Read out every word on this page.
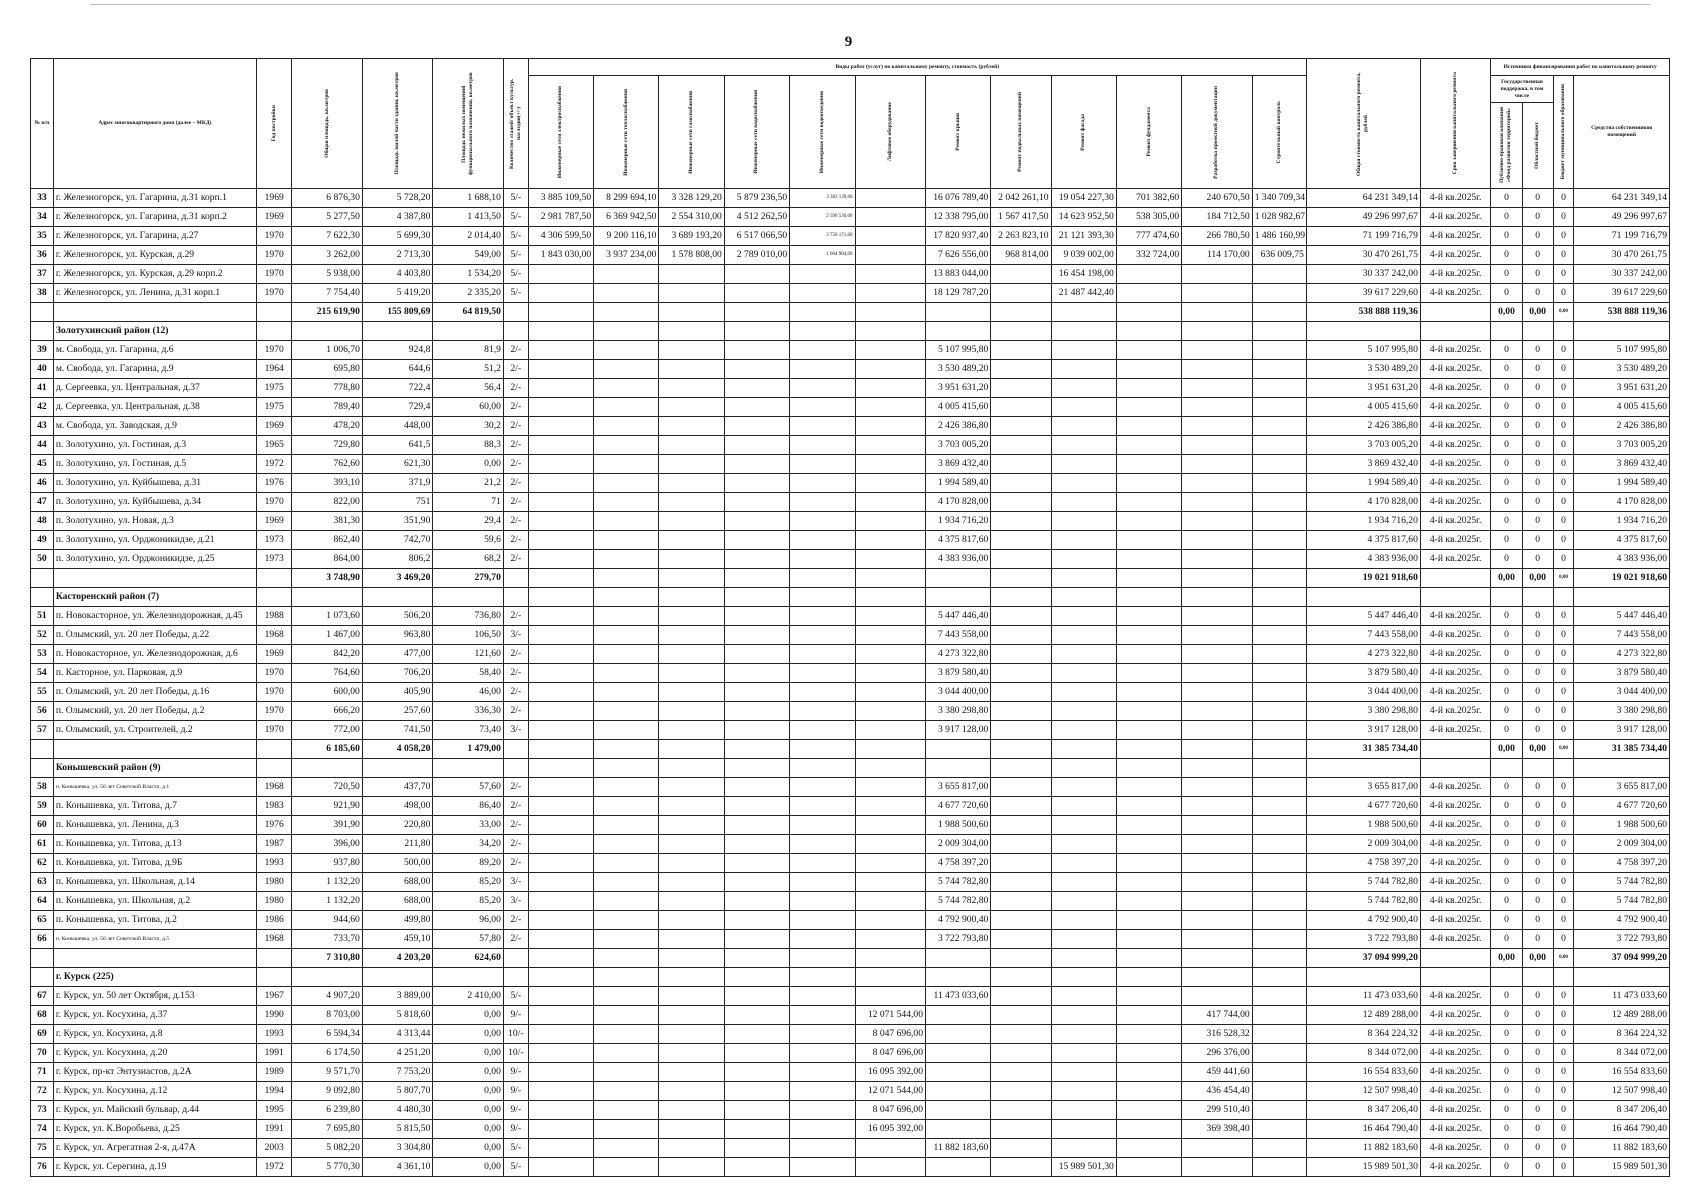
9
№ п/п	Адрес многоквартирного дома (далее – МКД)	Год постройки	Общая площадь, кв.метров	Площадь жилой части здания, кв.метров	Площадь нежилых помещений функционального назначения, кв.метров	Количество этажей/ объект культур. наследия(+/-)	Виды работ (услуг) по капитальному ремонту, стоимость (рублей)												Общая стоимость капитального ремонта, рублей	Срок завершения капитального ремонта	Источники финансирования работ по капитальному ремонту			

							Инженерные сети электроснабжения	Инженерные сети теплоснабжения	Инженерные сети газоснабжения	Инженерные сети водоснабжения	Инженерные сети водоотведения	Лифтовое оборудование	Ремонт крыши	Ремонт подвальных помещений	Ремонт фасада	Ремонт фундамента	Разработка проектной документации	Строительный контроль			Государственная поддержка, в том числе		Бюджет муниципального образования	Средства собственников помещений

																					Публично-правовая компания «Фонд развития территорий»	Областной бюджет		

33	г. Железногорск, ул. Гагарина, д.31 корп.1	1969	6 876,30	5 728,20	1 688,10	5/-	3 885 109,50	8 299 694,10	3 328 129,20	5 879 236,50	3 383 139,60		16 076 789,40	2 042 261,10	19 054 227,30	701 382,60	240 670,50	1 340 709,34	64 231 349,14	4-й кв.2025г.	0	0	0	64 231 349,14
34	г. Железногорск, ул. Гагарина, д.31 корп.2	1969	5 277,50	4 387,80	1 413,50	5/-	2 981 787,50	6 369 942,50	2 554 310,00	4 512 262,50	2 596 530,00		12 338 795,00	1 567 417,50	14 623 952,50	538 305,00	184 712,50	1 028 982,67	49 296 997,67	4-й кв.2025г.	0	0	0	49 296 997,67
35	г. Железногорск, ул. Гагарина, д.27	1970	7 622,30	5 699,30	2 014,40	5/-	4 306 599,50	9 200 116,10	3 689 193,20	6 517 066,50	3 750 171,60		17 820 937,40	2 263 823,10	21 121 393,30	777 474,60	266 780,50	1 486 160,99	71 199 716,79	4-й кв.2025г.	0	0	0	71 199 716,79
36	г. Железногорск, ул. Курская, д.29	1970	3 262,00	2 713,30	549,00	5/-	1 843 030,00	3 937 234,00	1 578 808,00	2 789 010,00	1 604 904,00		7 626 556,00	968 814,00	9 039 002,00	332 724,00	114 170,00	636 009,75	30 470 261,75	4-й кв.2025г.	0	0	0	30 470 261,75
37	г. Железногорск, ул. Курская, д.29 корп.2	1970	5 938,00	4 403,80	1 534,20	5/-							13 883 044,00		16 454 198,00				30 337 242,00	4-й кв.2025г.	0	0	0	30 337 242,00
38	г. Железногорск, ул. Ленина, д.31 корп.1	1970	7 754,40	5 419,20	2 335,20	5/-							18 129 787,20		21 487 442,40				39 617 229,60	4-й кв.2025г.	0	0	0	39 617 229,60
			215 619,90	155 809,69	64 819,50														538 888 119,36		0,00	0,00	0,00	538 888 119,36
	Золотухинский район (12)																							
39	м. Свобода, ул. Гагарина, д.6	1970	1 006,70	924,8	81,9	2/-							5 107 995,80						5 107 995,80	4-й кв.2025г.	0	0	0	5 107 995,80
40	м. Свобода, ул. Гагарина, д.9	1964	695,80	644,6	51,2	2/-							3 530 489,20						3 530 489,20	4-й кв.2025г.	0	0	0	3 530 489,20
41	д. Сергеевка, ул. Центральная, д.37	1975	778,80	722,4	56,4	2/-							3 951 631,20						3 951 631,20	4-й кв.2025г.	0	0	0	3 951 631,20
42	д. Сергеевка, ул. Центральная, д.38	1975	789,40	729,4	60,00	2/-							4 005 415,60						4 005 415,60	4-й кв.2025г.	0	0	0	4 005 415,60
43	м. Свобода, ул. Заводская, д.9	1969	478,20	448,00	30,2	2/-							2 426 386,80						2 426 386,80	4-й кв.2025г.	0	0	0	2 426 386,80
44	п. Золотухино, ул. Гостиная, д.3	1965	729,80	641,5	88,3	2/-							3 703 005,20						3 703 005,20	4-й кв.2025г.	0	0	0	3 703 005,20
45	п. Золотухино, ул. Гостиная, д.5	1972	762,60	621,30	0,00	2/-							3 869 432,40						3 869 432,40	4-й кв.2025г.	0	0	0	3 869 432,40
46	п. Золотухино, ул. Куйбышева, д.31	1976	393,10	371,9	21,2	2/-							1 994 589,40						1 994 589,40	4-й кв.2025г.	0	0	0	1 994 589,40
47	п. Золотухино, ул. Куйбышева, д.34	1970	822,00	751	71	2/-							4 170 828,00						4 170 828,00	4-й кв.2025г.	0	0	0	4 170 828,00
48	п. Золотухино, ул. Новая, д.3	1969	381,30	351,90	29,4	2/-							1 934 716,20						1 934 716,20	4-й кв.2025г.	0	0	0	1 934 716,20
49	п. Золотухино, ул. Орджоникидзе, д.21	1973	862,40	742,70	59,6	2/-							4 375 817,60						4 375 817,60	4-й кв.2025г.	0	0	0	4 375 817,60
50	п. Золотухино, ул. Орджоникидзе, д.25	1973	864,00	806,2	68,2	2/-							4 383 936,00						4 383 936,00	4-й кв.2025г.	0	0	0	4 383 936,00
			3 748,90	3 469,20	279,70														19 021 918,60		0,00	0,00	0,00	19 021 918,60
	Касторенский район (7)																							
51	п. Новокасторное, ул. Железнодорожная, д.45	1988	1 073,60	506,20	736,80	2/-							5 447 446,40						5 447 446,40	4-й кв.2025г.	0	0	0	5 447 446,40
52	п. Олымский, ул. 20 лет Победы, д.22	1968	1 467,00	963,80	106,50	3/-							7 443 558,00						7 443 558,00	4-й кв.2025г.	0	0	0	7 443 558,00
53	п. Новокасторное, ул. Железнодорожная, д.6	1969	842,20	477,00	121,60	2/-							4 273 322,80						4 273 322,80	4-й кв.2025г.	0	0	0	4 273 322,80
54	п. Касторное, ул. Парковая, д.9	1970	764,60	706,20	58,40	2/-							3 879 580,40						3 879 580,40	4-й кв.2025г.	0	0	0	3 879 580,40
55	п. Олымский, ул. 20 лет Победы, д.16	1970	600,00	405,90	46,00	2/-							3 044 400,00						3 044 400,00	4-й кв.2025г.	0	0	0	3 044 400,00
56	п. Олымский, ул. 20 лет Победы, д.2	1970	666,20	257,60	336,30	2/-							3 380 298,80						3 380 298,80	4-й кв.2025г.	0	0	0	3 380 298,80
57	п. Олымский, ул. Строителей, д.2	1970	772,00	741,50	73,40	3/-							3 917 128,00						3 917 128,00	4-й кв.2025г.	0	0	0	3 917 128,00
			6 185,60	4 058,20	1 479,00														31 385 734,40		0,00	0,00	0,00	31 385 734,40
	Конышевский район (9)																							
58	п. Конышевка, ул. 50 лет Советской Власти, д.1	1968	720,50	437,70	57,60	2/-							3 655 817,00						3 655 817,00	4-й кв.2025г.	0	0	0	3 655 817,00
59	п. Конышевка, ул. Титова, д.7	1983	921,90	498,00	86,40	2/-							4 677 720,60						4 677 720,60	4-й кв.2025г.	0	0	0	4 677 720,60
60	п. Конышевка, ул. Ленина, д.3	1976	391,90	220,80	33,00	2/-							1 988 500,60						1 988 500,60	4-й кв.2025г.	0	0	0	1 988 500,60
61	п. Конышевка, ул. Титова, д.13	1987	396,00	211,80	34,20	2/-							2 009 304,00						2 009 304,00	4-й кв.2025г.	0	0	0	2 009 304,00
62	п. Конышевка, ул. Титова, д.9Б	1993	937,80	500,00	89,20	2/-							4 758 397,20						4 758 397,20	4-й кв.2025г.	0	0	0	4 758 397,20
63	п. Конышевка, ул. Школьная, д.14	1980	1 132,20	688,00	85,20	3/-							5 744 782,80						5 744 782,80	4-й кв.2025г.	0	0	0	5 744 782,80
64	п. Конышевка, ул. Школьная, д.2	1980	1 132,20	688,00	85,20	3/-							5 744 782,80						5 744 782,80	4-й кв.2025г.	0	0	0	5 744 782,80
65	п. Конышевка, ул. Титова, д.2	1986	944,60	499,80	96,00	2/-							4 792 900,40						4 792 900,40	4-й кв.2025г.	0	0	0	4 792 900,40
66	п. Конышевка, ул. 50 лет Советской Власти, д.5	1968	733,70	459,10	57,80	2/-							3 722 793,80						3 722 793,80	4-й кв.2025г.	0	0	0	3 722 793,80
			7 310,80	4 203,20	624,60														37 094 999,20		0,00	0,00	0,00	37 094 999,20
	г. Курск (225)																							
67	г. Курск, ул. 50 лет Октября, д.153	1967	4 907,20	3 889,00	2 410,00	5/-							11 473 033,60						11 473 033,60	4-й кв.2025г.	0	0	0	11 473 033,60
68	г. Курск, ул. Косухина, д.37	1990	8 703,00	5 818,60	0,00	9/-						12 071 544,00					417 744,00		12 489 288,00	4-й кв.2025г.	0	0	0	12 489 288,00
69	г. Курск, ул. Косухина, д.8	1993	6 594,34	4 313,44	0,00	10/-						8 047 696,00					316 528,32		8 364 224,32	4-й кв.2025г.	0	0	0	8 364 224,32
70	г. Курск, ул. Косухина, д.20	1991	6 174,50	4 251,20	0,00	10/-						8 047 696,00					296 376,00		8 344 072,00	4-й кв.2025г.	0	0	0	8 344 072,00
71	г. Курск, пр-кт Энтузиастов, д.2А	1989	9 571,70	7 753,20	0,00	9/-						16 095 392,00					459 441,60		16 554 833,60	4-й кв.2025г.	0	0	0	16 554 833,60
72	г. Курск, ул. Косухина, д.12	1994	9 092,80	5 807,70	0,00	9/-						12 071 544,00					436 454,40		12 507 998,40	4-й кв.2025г.	0	0	0	12 507 998,40
73	г. Курск, ул. Майский бульвар, д.44	1995	6 239,80	4 480,30	0,00	9/-						8 047 696,00					299 510,40		8 347 206,40	4-й кв.2025г.	0	0	0	8 347 206,40
74	г. Курск, ул. К.Воробьева, д.25	1991	7 695,80	5 815,50	0,00	9/-						16 095 392,00					369 398,40		16 464 790,40	4-й кв.2025г.	0	0	0	16 464 790,40
75	г. Курск, ул. Агрегатная 2-я, д.47А	2003	5 082,20	3 304,80	0,00	5/-							11 882 183,60						11 882 183,60	4-й кв.2025г.	0	0	0	11 882 183,60
76	г. Курск, ул. Серегина, д.19	1972	5 770,30	4 361,10	0,00	5/-									15 989 501,30				15 989 501,30	4-й кв.2025г.	0	0	0	15 989 501,30
